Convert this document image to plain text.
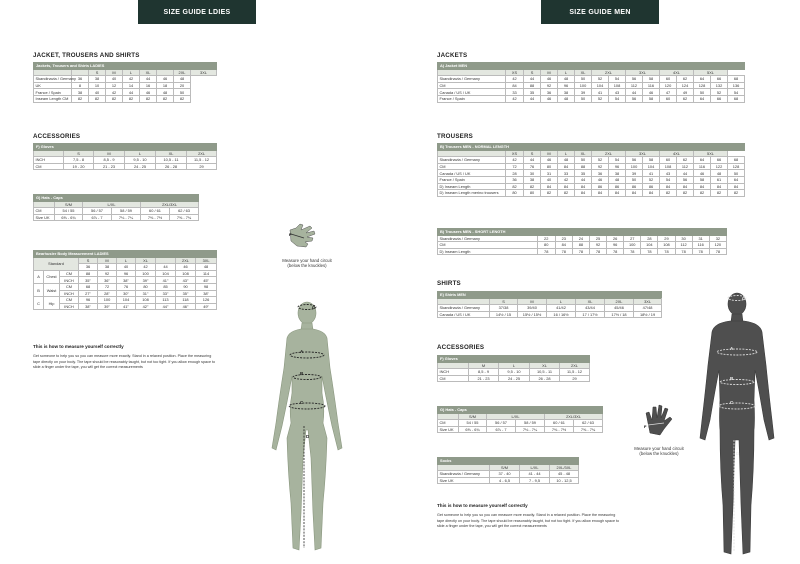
SIZE GUIDE LDIES
JACKET, TROUSERS AND SHIRTS
Jackets, Trousers and Shirts LADIES								
		S	M	L	XL		2XL	3XL
Skandinavia / Germany	36	38	40	42	44	46	48	
UK	8	10	12	14	16	18	20	
France / Spain	38	40	42	44	46	48	50	
Inseam Length CM	82	82	82	82	82	82	82	
ACCESSORIES
F) Gloves					
	S	M	L	XL	2XL
INCH	7,5 - 8	8,5 - 9	9,5 - 10	10,5 - 11	11,5 - 12
CM	19 - 20	21 - 23	24 - 25	26 - 28	29
G) Hats - Caps					
	S/M	L/XL		2XL/3XL	
CM	54 / 55	56 / 57	58 / 59	60 / 61	62 / 63
Size UK	6⅝ - 6¾	6⅞ - 7	7⅛ - 7¼	7⅜ - 7½	7⅝ - 7¾
Bearhusler Body Measurement LADIES									
Standard			S	M	L	XL		2XL	3XL
			36	38	40	42	44	46	48
A	Chest	CM	88	92	96	100	104	108	114
		INCH	35"	36"	38"	39"	41"	43"	45"
B	Waist	CM	68	72	76	80	85	90	98
		INCH	27"	28"	30"	31"	33"	35"	38"
C	Hip	CM	96	100	104	108	113	118	126
		INCH	38"	39"	41"	42"	44"	46"	49"
This is how to measure yourself correctly
Get someone to help you so you can measure more exactly. Stand in a relaxed position. Place the measuring tape directly on your body. The tape should be reasonably taught, but not too tight. If you allow enough space to slide a finger under the tape, you will get the correct measurements
F
Measure your hand circuit (below the knuckles)
G
A
B
C
D
SIZE GUIDE MEN
JACKETS
A) Jacket MEN														
	XS	S	M	L	XL	2XL		3XL		4XL		5XL		
Skandinavia / Germany	42	44	46	48	50	52	54	56	58	60	62	64	66	68
CM	84	88	92	96	100	104	108	112	116	120	124	128	132	136
Canada / US / UK	33	35	36	38	39	41	43	44	46	47	49	50	52	54
France / Spain	42	44	46	48	50	52	54	56	58	60	62	64	66	68
TROUSERS
B) Trousers MEN - NORMAL LENGTH														
	XS	S	M	L	XL	2XL		3XL		4XL		5XL		
Skandinavia / Germany	42	44	46	48	50	52	54	56	58	60	62	64	66	68
CM	72	76	80	84	88	92	96	100	104	108	112	116	122	128
Canada / US / UK	28	30	31	33	35	36	38	39	41	43	44	46	48	50
France / Spain	36	38	40	42	44	46	48	50	52	54	56	58	61	64
D) Inseam Length	82	82	84	84	84	86	86	86	86	84	84	84	84	84
D) Inseam Length merino trousers	80	80	82	82	84	84	84	84	84	82	82	82	82	82
B) Trousers MEN - SHORT LENGTH											
Skandinavia / Germany	22	23	24	25	26	27	28	29	30	31	32
CM	80	84	88	92	96	100	104	108	112	116	120
D) Inseam Length	78	78	78	78	78	78	78	78	78	78	78
SHIRTS
E) Shirts MEN							
	S	M	L	XL	2XL	3XL	
Skandinavia / Germany	37/38	39/40	41/42	43/44	45/46	47/48	
Canada / US / UK	14½ / 15	15½ / 15½	16 / 16½	17 / 17½	17½ / 18	18½ / 19	
ACCESSORIES
F) Gloves				
	M	L	XL	2XL
INCH	8,5 - 9	9,5 - 10	10,5 - 11	11,5 - 12
CM	21 - 23	24 - 25	26 - 28	29
G) Hats - Caps					
	S/M	L/XL		2XL/3XL	
CM	54 / 55	56 / 57	58 / 59	60 / 61	62 / 63
Size UK	6⅝ - 6¾	6⅞ - 7	7⅛ - 7¼	7⅜ - 7½	7⅝ - 7¾
Socks			
	S/M	L/XL	2XL/3XL
Skandinavia / Germany	37 - 40	41 - 44	45 - 48
Size UK	4 - 6,5	7 - 9,5	10 - 12,5
This is how to measure yourself correctly
Get someone to help you so you can measure more exactly. Stand in a relaxed position. Place the measuring tape directly on your body. The tape should be reasonably taught, but not too tight. If you allow enough space to slide a finger under the tape, you will get the correct measurements
F
Measure your hand circuit (below the knuckles)
G
A
B
C
D
